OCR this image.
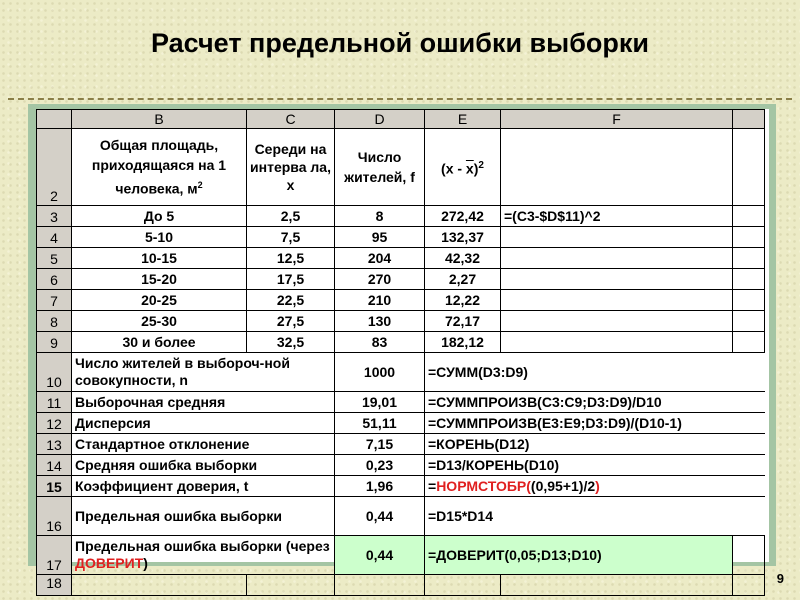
Расчет предельной ошибки выборки
	B	C	D	E	F	
2	Общая площадь, приходящаяся на 1 человека, $м^2$	Середи на интерва ла, х	Число жителей, f	(х - х)$^2$		
3	До 5	2,5	8	272,42	=(C3-$D$11)^2	
4	5-10	7,5	95	132,37		
5	10-15	12,5	204	42,32		
6	15-20	17,5	270	2,27		
7	20-25	22,5	210	12,22		
8	25-30	27,5	130	72,17		
9	30 и более	32,5	83	182,12		
10	Число жителей в выбороч-ной совокупности, n		1000	=СУММ(D3:D9)		
11	Выборочная средняя		19,01	=СУММПРОИЗВ(C3:C9;D3:D9)/D10		
12	Дисперсия		51,11	=СУММПРОИЗВ(E3:E9;D3:D9)/(D10-1)		
13	Стандартное отклонение		7,15	=КОРЕНЬ(D12)		
14	Средняя ошибка выборки		0,23	=D13/КОРЕНЬ(D10)		
15	Коэффициент доверия, t		1,96	=НОРМСТОБР((0,95+1)/2)		
16	Предельная ошибка выборки		0,44	=D15*D14		
17	Предельная ошибка выборки (через ДОВЕРИТ)		0,44	=ДОВЕРИТ(0,05;D13;D10)		
18							9
